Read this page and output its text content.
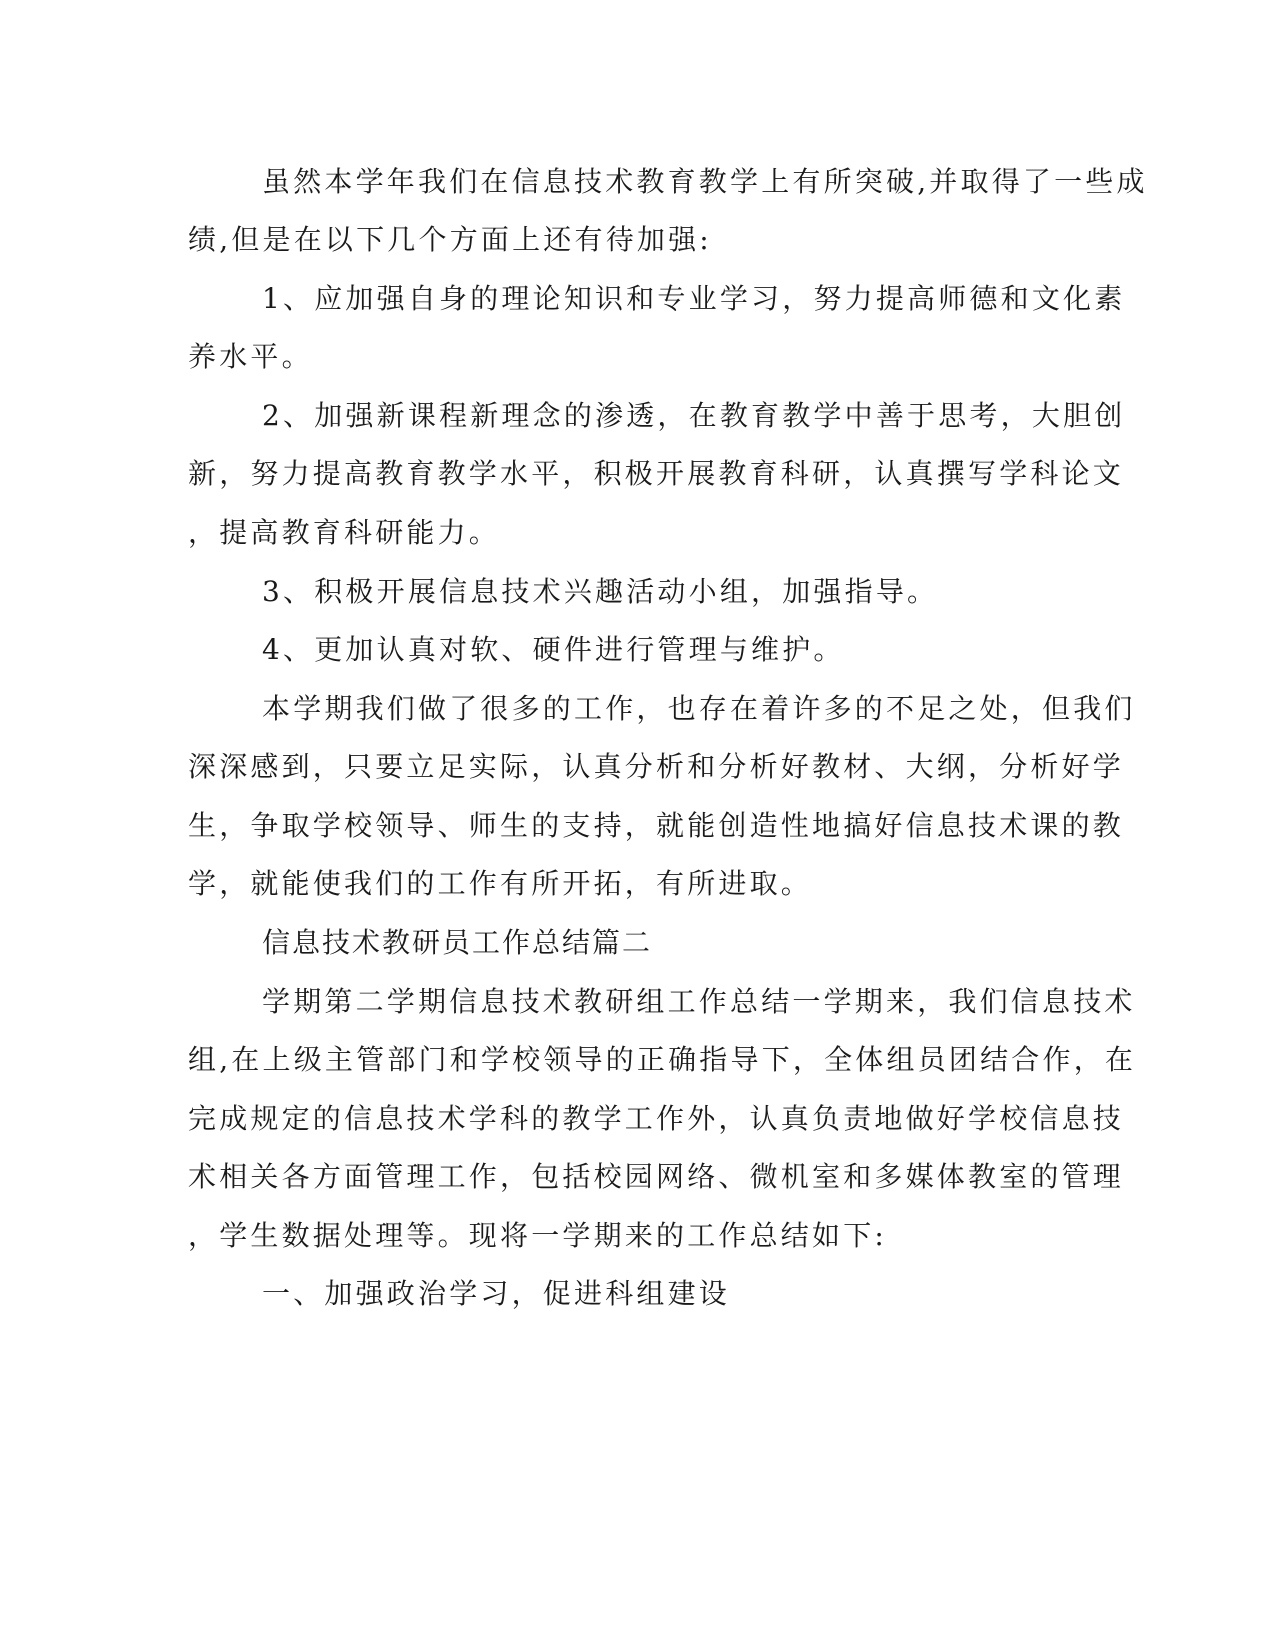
虽然本学年我们在信息技术教育教学上有所突破,并取得了一些成
绩,但是在以下几个方面上还有待加强:
1、应加强自身的理论知识和专业学习，努力提高师德和文化素
养水平。
2、加强新课程新理念的渗透，在教育教学中善于思考，大胆创
新，努力提高教育教学水平，积极开展教育科研，认真撰写学科论文
，提高教育科研能力。
3、积极开展信息技术兴趣活动小组，加强指导。
4、更加认真对软、硬件进行管理与维护。
本学期我们做了很多的工作，也存在着许多的不足之处，但我们
深深感到，只要立足实际，认真分析和分析好教材、大纲，分析好学
生，争取学校领导、师生的支持，就能创造性地搞好信息技术课的教
学，就能使我们的工作有所开拓，有所进取。
信息技术教研员工作总结篇二
学期第二学期信息技术教研组工作总结一学期来，我们信息技术
组,在上级主管部门和学校领导的正确指导下，全体组员团结合作，在
完成规定的信息技术学科的教学工作外，认真负责地做好学校信息技
术相关各方面管理工作，包括校园网络、微机室和多媒体教室的管理
，学生数据处理等。现将一学期来的工作总结如下:
一、加强政治学习，促进科组建设
